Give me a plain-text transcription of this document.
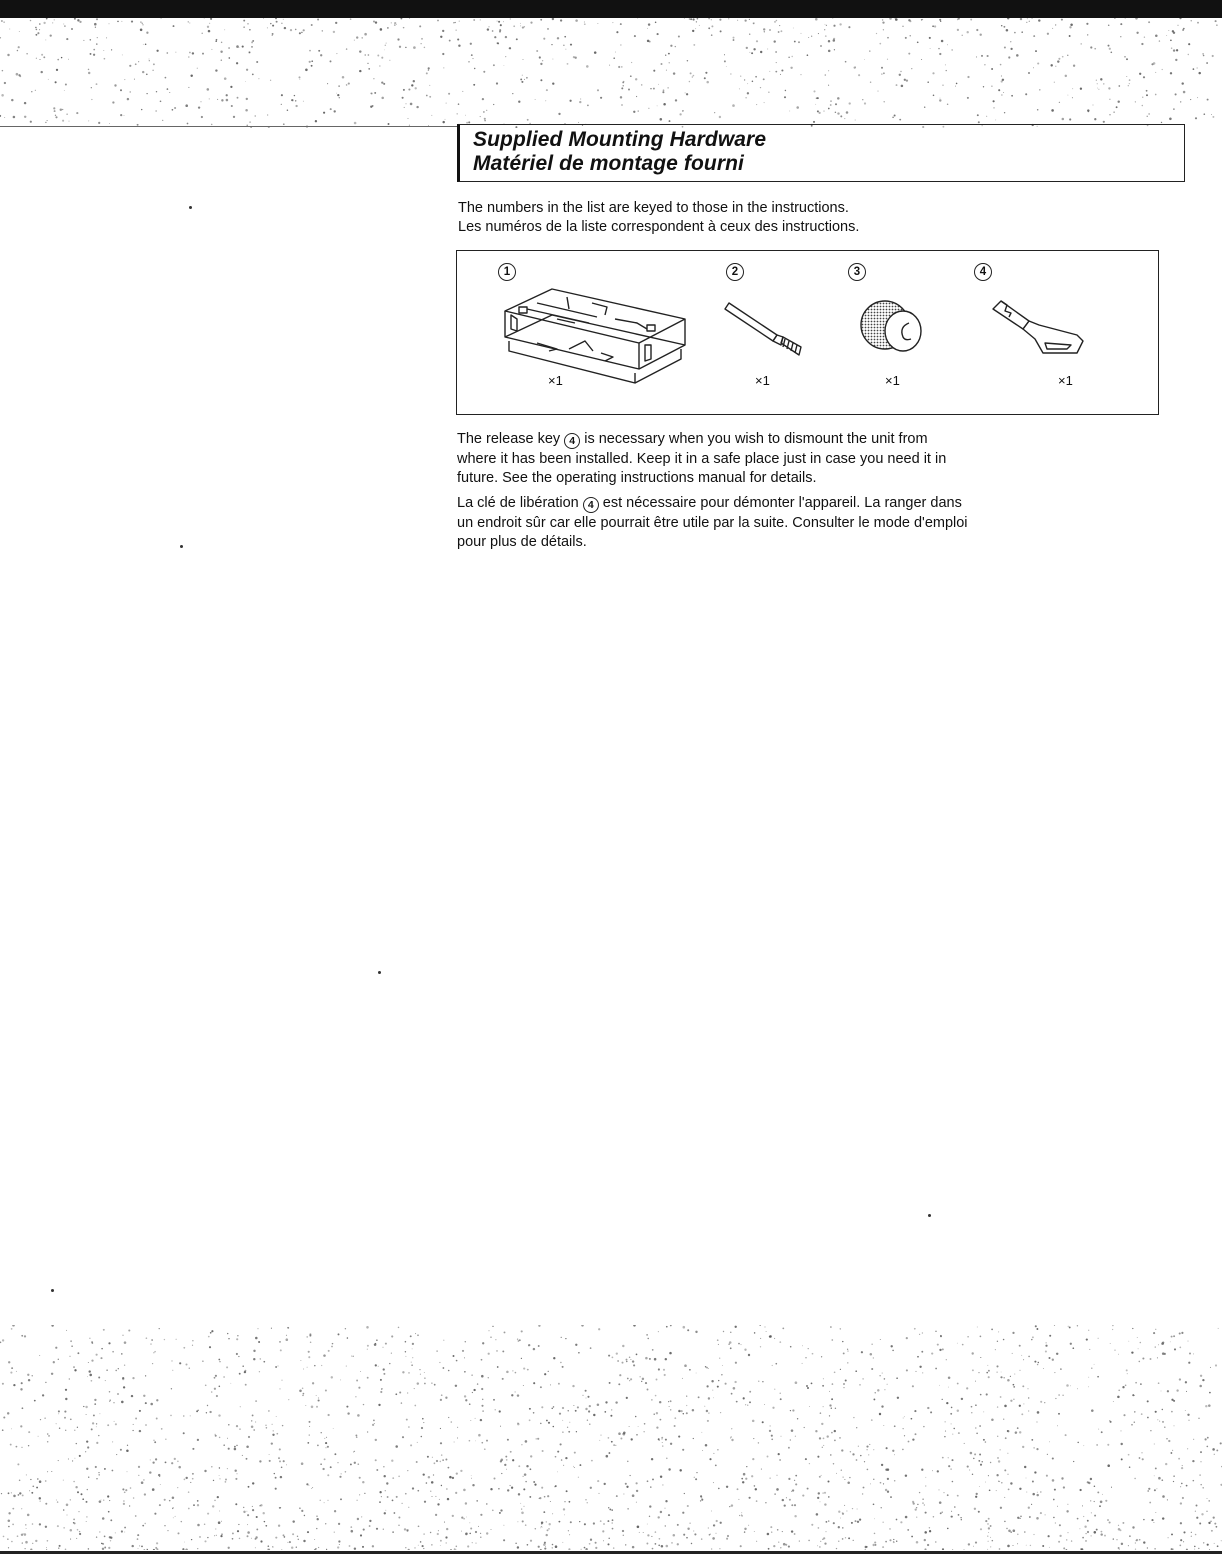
Supplied Mounting Hardware
Matériel de montage fourni
The numbers in the list are keyed to those in the instructions.
Les numéros de la liste correspondent à ceux des instructions.
1
×1
2
×1
3
×1
4
×1
The release key 4 is necessary when you wish to dismount the unit from
where it has been installed. Keep it in a safe place just in case you need it in
future. See the operating instructions manual for details.
La clé de libération 4 est nécessaire pour démonter l'appareil. La ranger dans
un endroit sûr car elle pourrait être utile par la suite. Consulter le mode d'emploi
pour plus de détails.
